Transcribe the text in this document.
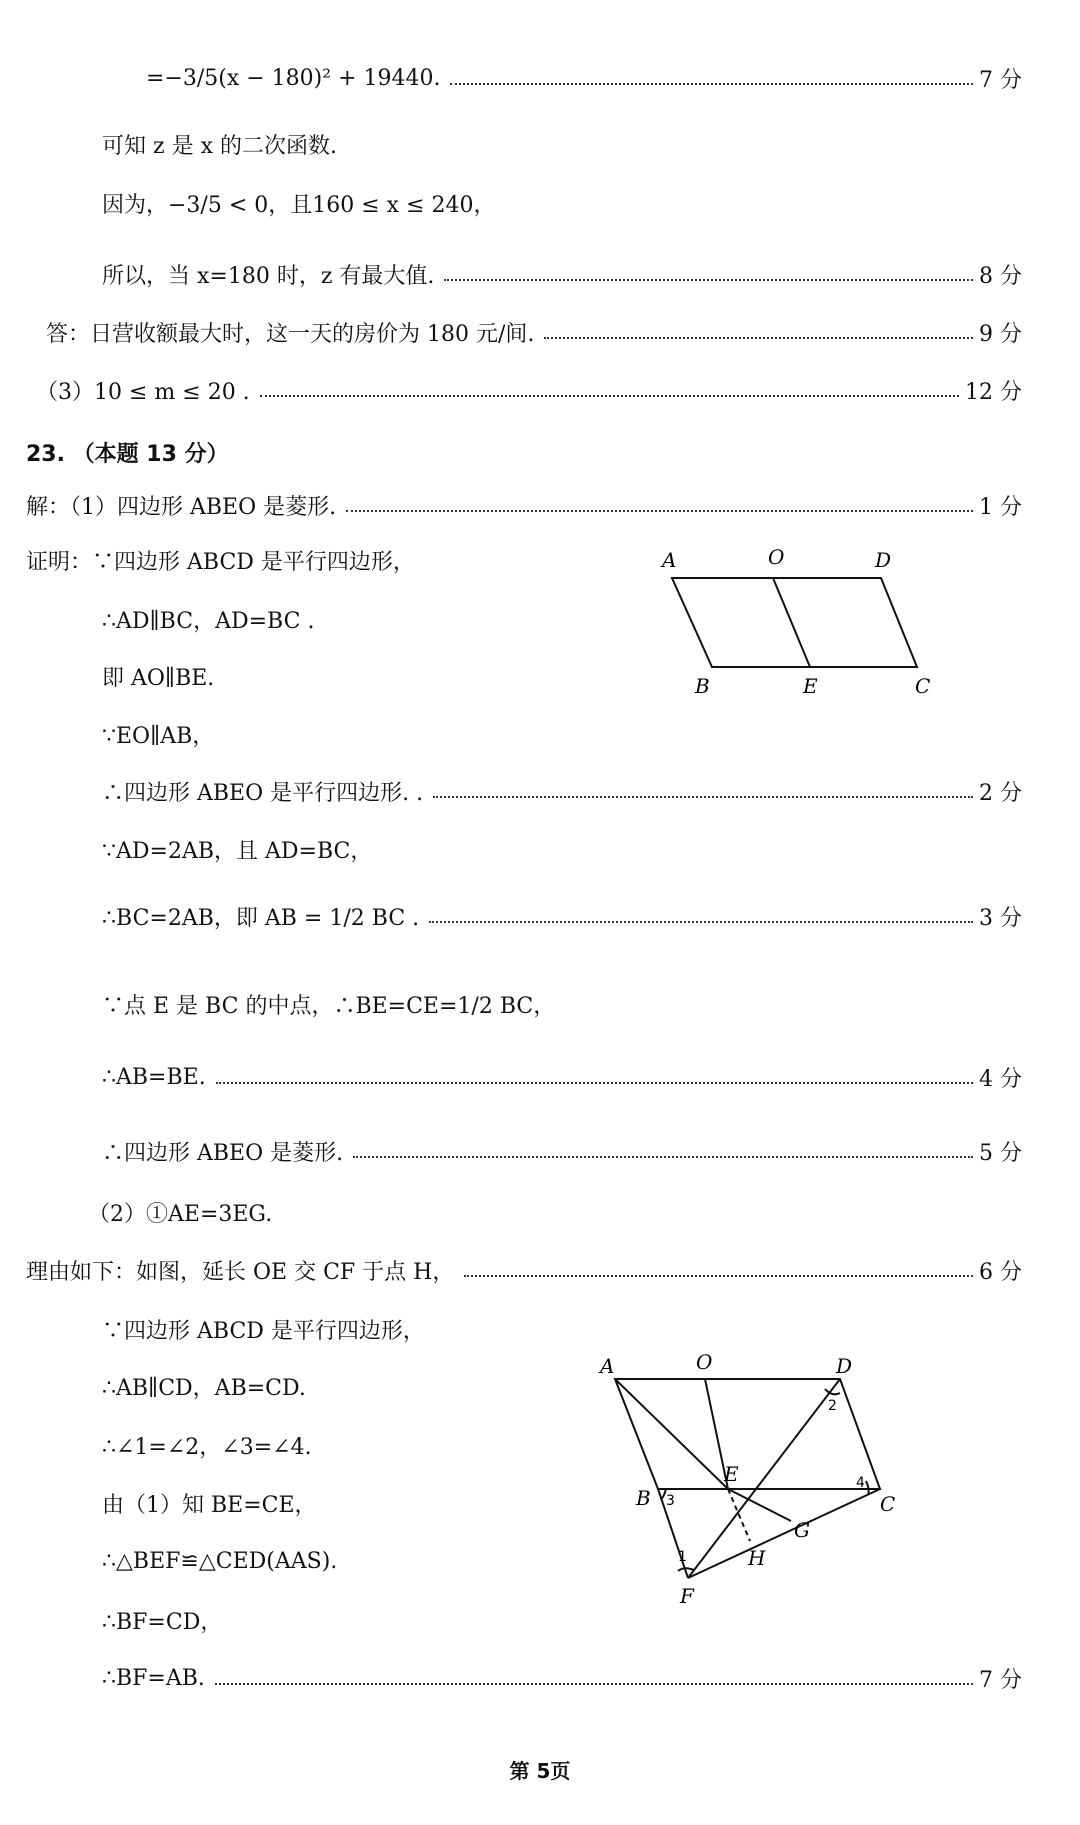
=−3/5(x − 180)² + 19440.	7 分
可知 z 是 x 的二次函数.
因为，−3/5 < 0，且160 ≤ x ≤ 240，
所以，当 x=180 时，z 有最大值.	8 分
答：日营收额最大时，这一天的房价为 180 元/间.	9 分
（3）10 ≤ m ≤ 20 .	12 分
23. （本题 13 分）
解：（1）四边形 ABEO 是菱形.	1 分
证明：∵四边形 ABCD 是平行四边形，
∴AD∥BC，AD=BC .
即 AO∥BE.
∵EO∥AB，
∴四边形 ABEO 是平行四边形. .	2 分
∵AD=2AB，且 AD=BC，
∴BC=2AB，即 AB = 1/2 BC .	3 分
∵点 E 是 BC 的中点，∴BE=CE=1/2 BC，
∴AB=BE.	4 分
∴四边形 ABEO 是菱形.	5 分
（2）①AE=3EG.
理由如下：如图，延长 OE 交 CF 于点 H，	6 分
∵四边形 ABCD 是平行四边形，
∴AB∥CD，AB=CD.
∴∠1=∠2，∠3=∠4.
由（1）知 BE=CE，
∴△BEF≌△CED(AAS).
∴BF=CD，
∴BF=AB.	7 分
A	O	D
B	E	C
A	O	D
E
B	C
G
H
F
1
2
3
4
第 5页
